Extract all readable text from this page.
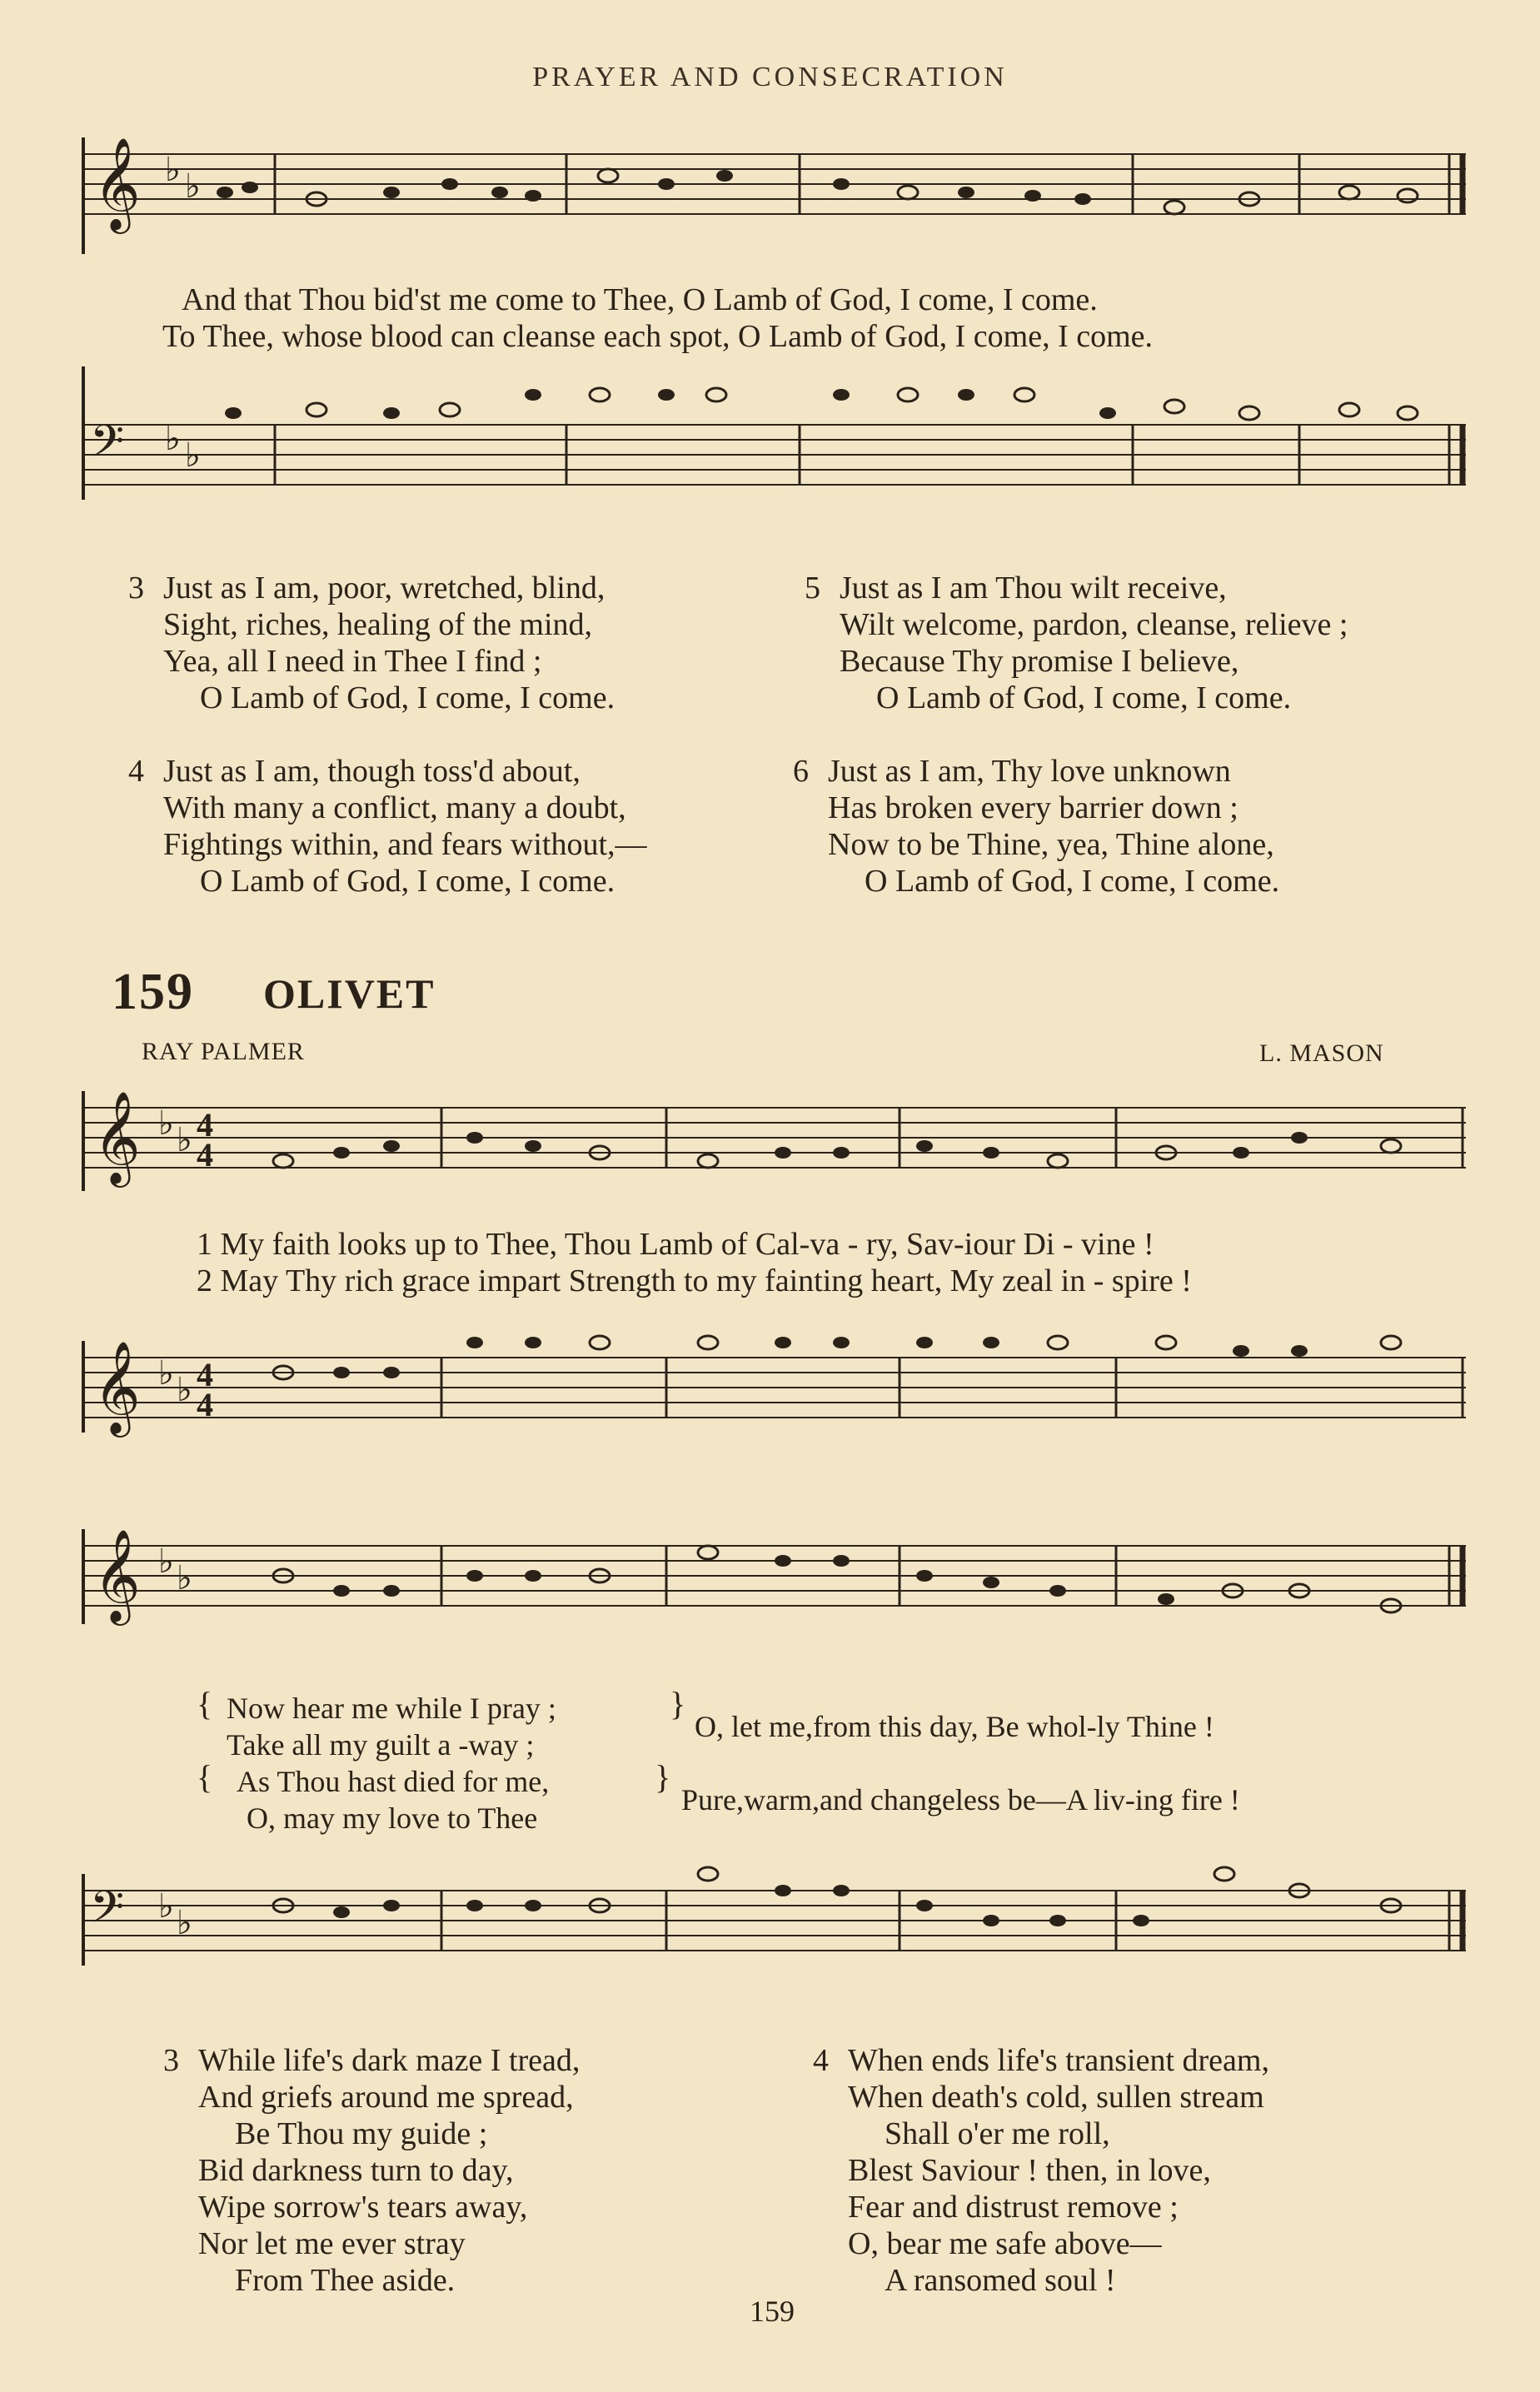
PRAYER AND CONSECRATION
𝄞 ♭ ♭
And that Thou bid'st me come to Thee, O Lamb of God, I come, I come.
To Thee, whose blood can cleanse each spot, O Lamb of God, I come, I come.
𝄢 ♭ ♭
3 Just as I am, poor, wretched, blind,
Sight, riches, healing of the mind,
Yea, all I need in Thee I find ;
O Lamb of God, I come, I come.
5 Just as I am Thou wilt receive,
Wilt welcome, pardon, cleanse, relieve ;
Because Thy promise I believe,
O Lamb of God, I come, I come.
4 Just as I am, though toss'd about,
With many a conflict, many a doubt,
Fightings within, and fears without,—
O Lamb of God, I come, I come.
6 Just as I am, Thy love unknown
Has broken every barrier down ;
Now to be Thine, yea, Thine alone,
O Lamb of God, I come, I come.
159 OLIVET
RAY PALMER	L. MASON
𝄞 ♭ ♭ 4
4
1 My faith looks up to Thee, Thou Lamb of Cal-va - ry, Sav-iour Di - vine !
2 May Thy rich grace impart Strength to my fainting heart, My zeal in - spire !
𝄞 ♭ ♭ 4
4
𝄞 ♭ ♭
Now hear me while I pray ;
Take all my guilt a -way ;
As Thou hast died for me,
O, may my love to Thee
{
{
}
}
O, let me,from this day, Be whol-ly Thine !
Pure,warm,and changeless be—A liv-ing fire !
𝄢 ♭ ♭
3 While life's dark maze I tread,
And griefs around me spread,
Be Thou my guide ;
Bid darkness turn to day,
Wipe sorrow's tears away,
Nor let me ever stray
From Thee aside.
4 When ends life's transient dream,
When death's cold, sullen stream
Shall o'er me roll,
Blest Saviour ! then, in love,
Fear and distrust remove ;
O, bear me safe above—
A ransomed soul !
159
